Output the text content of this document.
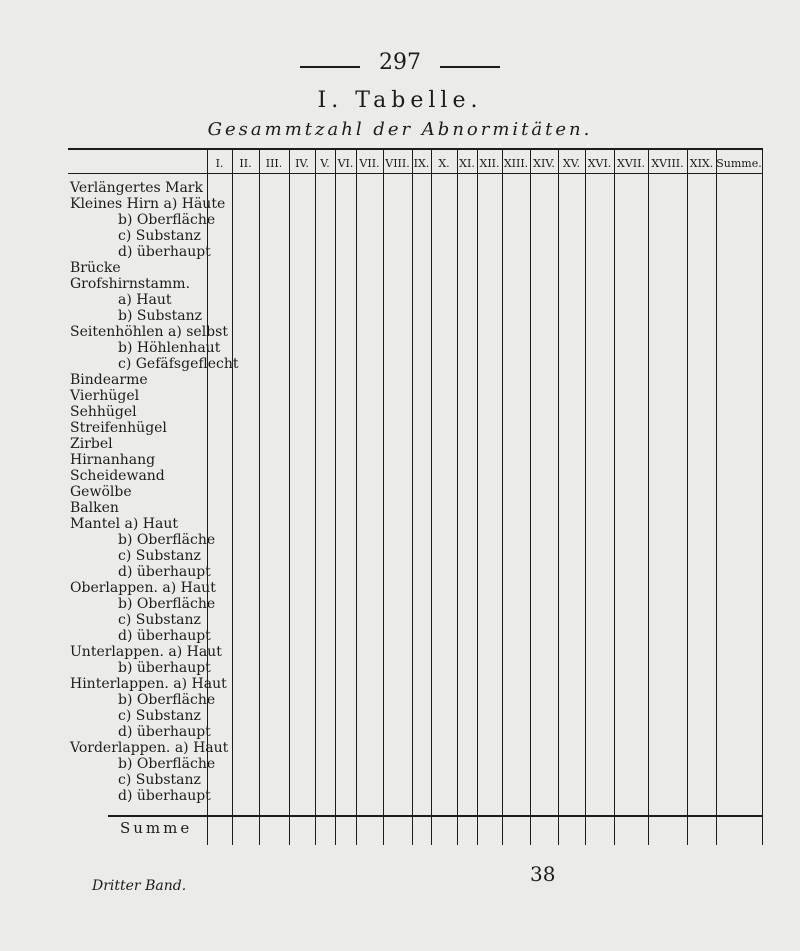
297
I. Tabelle.
Gesammtzahl der Abnormitäten.
I.	II.	III.	IV.	V. VI. VII. VIII. IX. X. XI. XII. XIII. XIV. XV. XVI. XVII. XVIII. XIX. Summe.
Verlängertes Mark
Kleines Hirn a) Häute
b) Oberfläche
c) Substanz
d) überhaupt
Brücke
Grofshirnstamm.
a) Haut
b) Substanz
Seitenhöhlen a) selbst
b) Höhlenhaut
c) Gefäfsgeflecht
Bindearme
Vierhügel
Sehhügel
Streifenhügel
Zirbel
Hirnanhang
Scheidewand
Gewölbe
Balken
Mantel a) Haut
b) Oberfläche
c) Substanz
d) überhaupt
Oberlappen. a) Haut
b) Oberfläche
c) Substanz
d) überhaupt
Unterlappen. a) Haut
b) überhaupt
Hinterlappen. a) Haut
b) Oberfläche
c) Substanz
d) überhaupt
Vorderlappen. a) Haut
b) Oberfläche
c) Substanz
d) überhaupt
Summe
Dritter Band.	38
